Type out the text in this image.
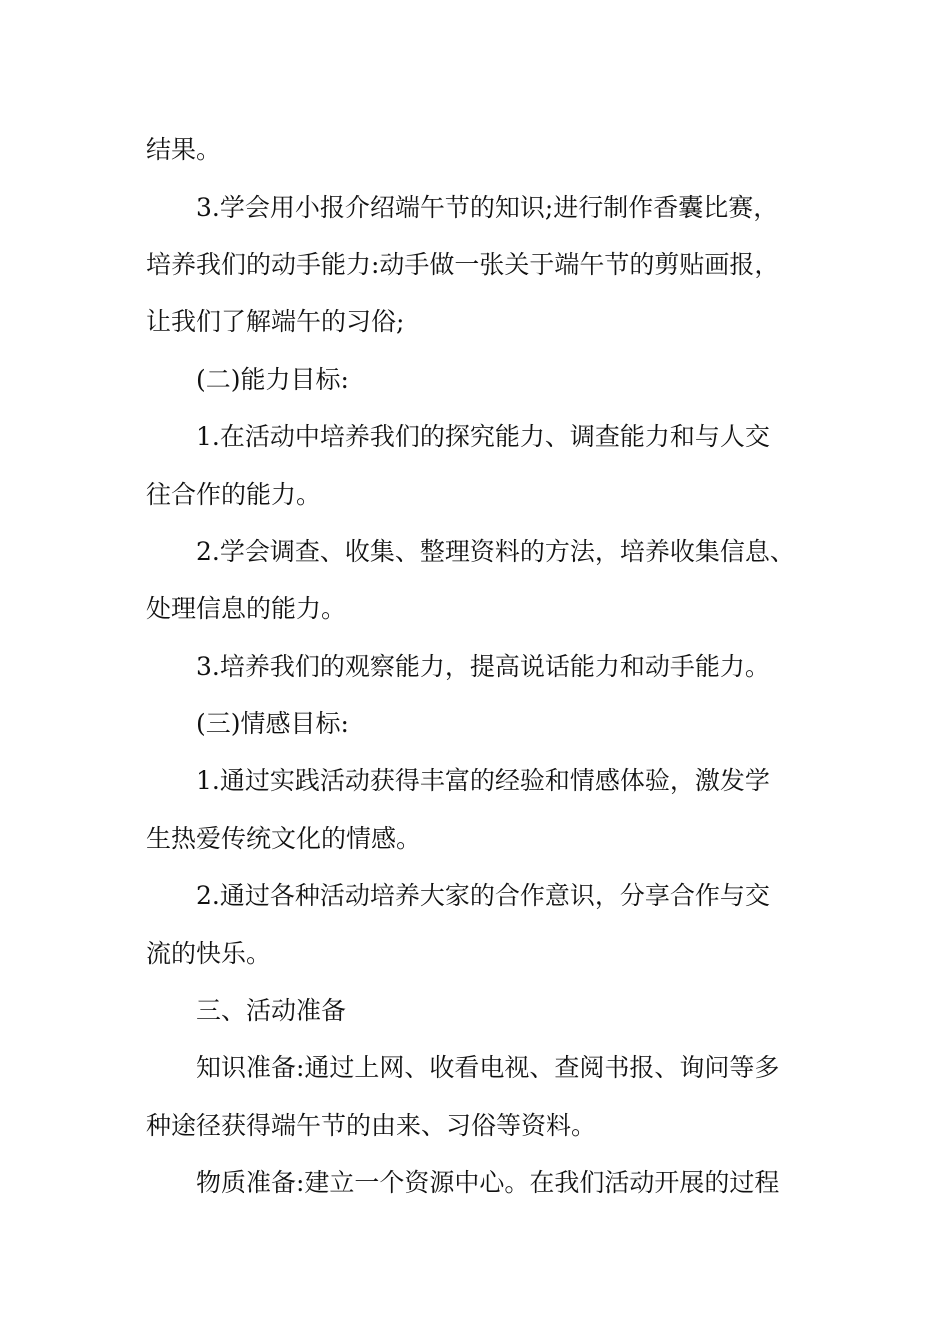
结果。
3.学会用小报介绍端午节的知识;进行制作香囊比赛，
培养我们的动手能力:动手做一张关于端午节的剪贴画报，
让我们了解端午的习俗;
(二)能力目标:
1.在活动中培养我们的探究能力、调查能力和与人交
往合作的能力。
2.学会调查、收集、整理资料的方法，培养收集信息、
处理信息的能力。
3.培养我们的观察能力，提高说话能力和动手能力。
(三)情感目标:
1.通过实践活动获得丰富的经验和情感体验，激发学
生热爱传统文化的情感。
2.通过各种活动培养大家的合作意识，分享合作与交
流的快乐。
三、活动准备
知识准备:通过上网、收看电视、查阅书报、询问等多
种途径获得端午节的由来、习俗等资料。
物质准备:建立一个资源中心。在我们活动开展的过程
